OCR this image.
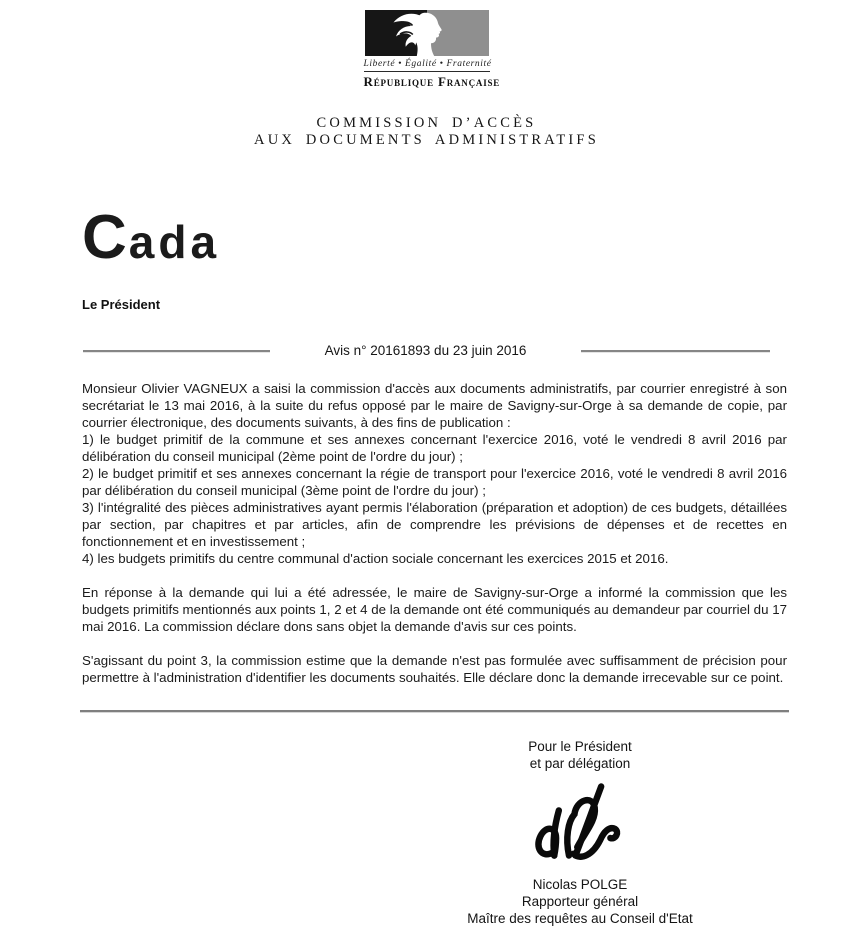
Liberté • Égalité • Fraternité
République Française
COMMISSION D’ACCÈS
AUX DOCUMENTS ADMINISTRATIFS
Cada
Le Président
Avis n° 20161893 du 23 juin 2016

Monsieur Olivier VAGNEUX a saisi la commission d'accès aux documents administratifs, par courrier enregistré à son secrétariat le 13 mai 2016, à la suite du refus opposé par le maire de Savigny-sur-Orge à sa demande de copie, par courrier électronique, des documents suivants, à des fins de publication :

1) le budget primitif de la commune et ses annexes concernant l'exercice 2016, voté le vendredi 8 avril 2016 par délibération du conseil municipal (2ème point de l'ordre du jour) ;

2) le budget primitif et ses annexes concernant la régie de transport pour l'exercice 2016, voté le vendredi 8 avril 2016 par délibération du conseil municipal (3ème point de l'ordre du jour) ;

3) l'intégralité des pièces administratives ayant permis l'élaboration (préparation et adoption) de ces budgets, détaillées par section, par chapitres et par articles, afin de comprendre les prévisions de dépenses et de recettes en fonctionnement et en investissement ;

4) les budgets primitifs du centre communal d'action sociale concernant les exercices 2015 et 2016.

En réponse à la demande qui lui a été adressée, le maire de Savigny-sur-Orge a informé la commission que les budgets primitifs mentionnés aux points 1, 2 et 4 de la demande ont été communiqués au demandeur par courriel du 17 mai 2016. La commission déclare dons sans objet la demande d'avis sur ces points.

S'agissant du point 3, la commission estime que la demande n'est pas formulée avec suffisamment de précision pour permettre à l'administration d'identifier les documents souhaités. Elle déclare donc la demande irrecevable sur ce point.

Pour le Président
et par délégation
Nicolas POLGE
Rapporteur général
Maître des requêtes au Conseil d'Etat
